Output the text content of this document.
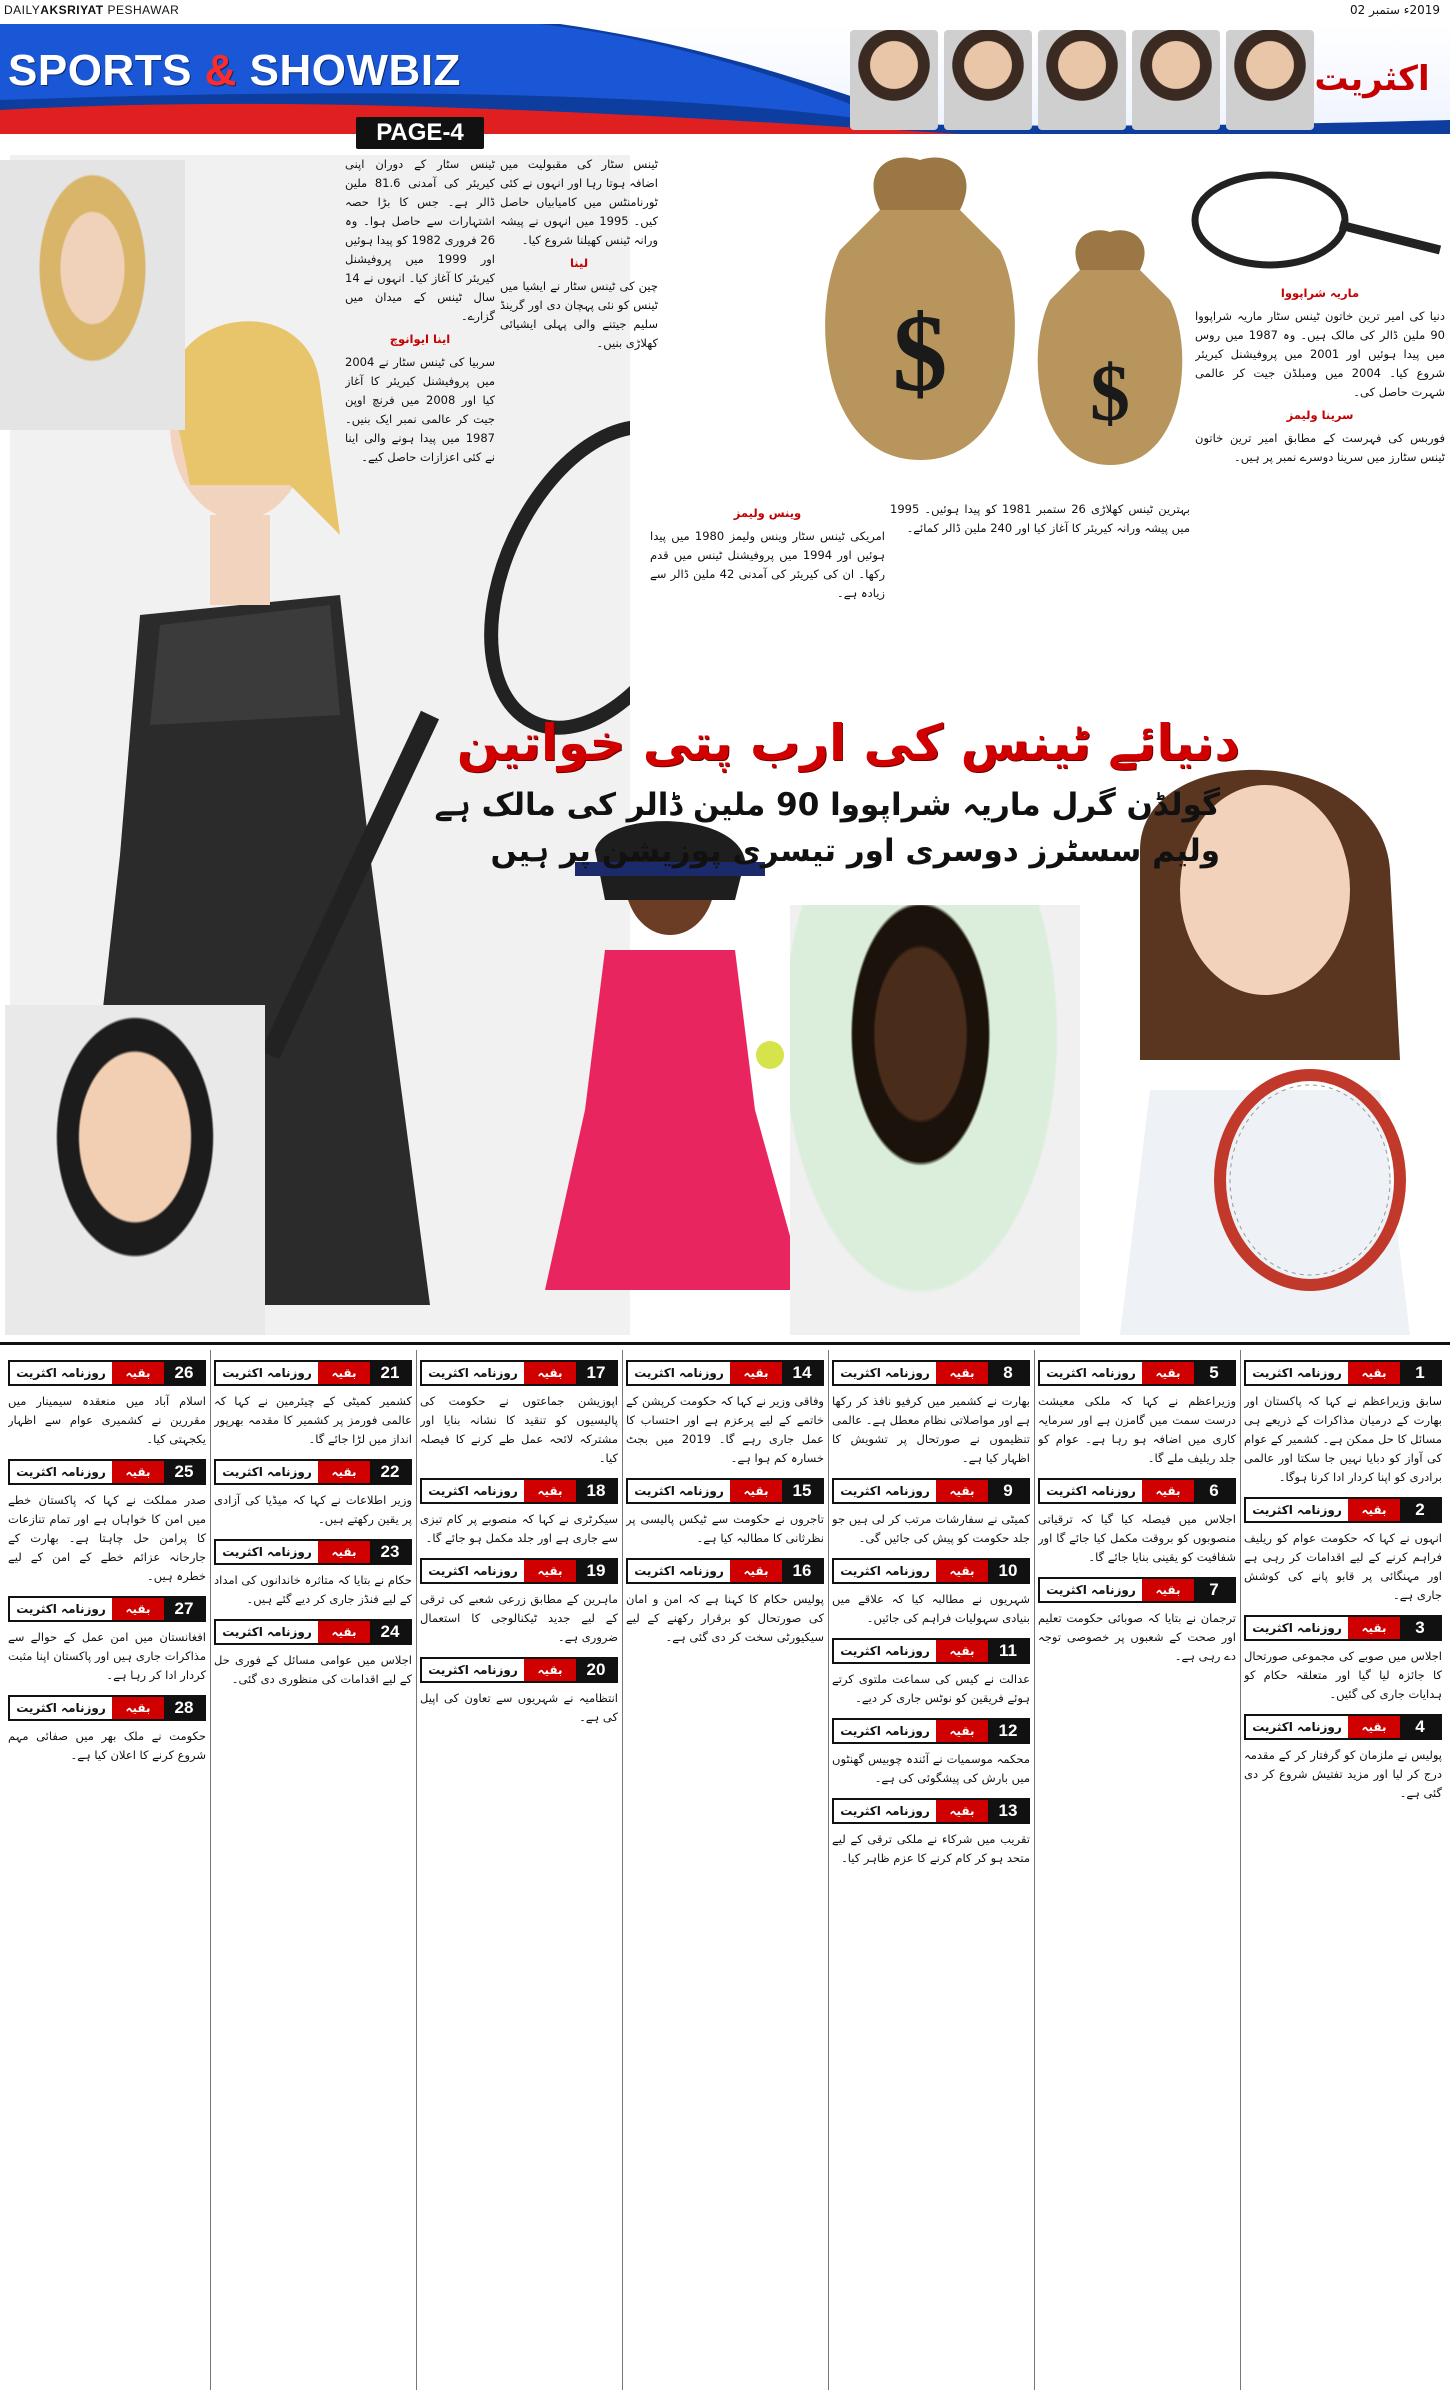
DAILYAKSRIYAT PESHAWAR	2019ء ستمبر 02
SPORTS & SHOWBIZ	اکثریت
PAGE-4
$ $
ٹینس سٹار کے دوران اپنی کیریئر کی آمدنی 81.6 ملین ڈالر ہے۔ جس کا بڑا حصہ اشتہارات سے حاصل ہوا۔ وہ 26 فروری 1982 کو پیدا ہوئیں اور 1999 میں پروفیشنل کیریئر کا آغاز کیا۔ انہوں نے 14 سال ٹینس کے میدان میں گزارے۔
اینا ایوانوچ
سربیا کی ٹینس سٹار نے 2004 میں پروفیشنل کیریئر کا آغاز کیا اور 2008 میں فرنچ اوپن جیت کر عالمی نمبر ایک بنیں۔ 1987 میں پیدا ہونے والی اینا نے کئی اعزازات حاصل کیے۔
ٹینس سٹار کی مقبولیت میں اضافہ ہوتا رہا اور انہوں نے کئی ٹورنامنٹس میں کامیابیاں حاصل کیں۔ 1995 میں انہوں نے پیشہ ورانہ ٹینس کھیلنا شروع کیا۔
لینا
چین کی ٹینس سٹار نے ایشیا میں ٹینس کو نئی پہچان دی اور گرینڈ سلیم جیتنے والی پہلی ایشیائی کھلاڑی بنیں۔
وینس ولیمز
امریکی ٹینس سٹار وینس ولیمز 1980 میں پیدا ہوئیں اور 1994 میں پروفیشنل ٹینس میں قدم رکھا۔ ان کی کیریئر کی آمدنی 42 ملین ڈالر سے زیادہ ہے۔
بہترین ٹینس کھلاڑی 26 ستمبر 1981 کو پیدا ہوئیں۔ 1995 میں پیشہ ورانہ کیریئر کا آغاز کیا اور 240 ملین ڈالر کمائے۔
ماریہ شراپووا
دنیا کی امیر ترین خاتون ٹینس سٹار ماریہ شراپووا 90 ملین ڈالر کی مالک ہیں۔ وہ 1987 میں روس میں پیدا ہوئیں اور 2001 میں پروفیشنل کیریئر شروع کیا۔ 2004 میں ومبلڈن جیت کر عالمی شہرت حاصل کی۔
سرینا ولیمز
فوربس کی فہرست کے مطابق امیر ترین خاتون ٹینس سٹارز میں سرینا دوسرے نمبر پر ہیں۔
دنیائے ٹینس کی ارب پتی خواتین
گولڈن گرل ماریہ شراپووا 90 ملین ڈالر کی مالک ہے
ولیم سسٹرز دوسری اور تیسری پوزیشن پر ہیں
روزنامہ اکثریت	بقیہ	1

سابق وزیراعظم نے کہا کہ پاکستان اور بھارت کے درمیان مذاکرات کے ذریعے ہی مسائل کا حل ممکن ہے۔ کشمیر کے عوام کی آواز کو دبایا نہیں جا سکتا اور عالمی برادری کو اپنا کردار ادا کرنا ہوگا۔

روزنامہ اکثریت	بقیہ	2

انہوں نے کہا کہ حکومت عوام کو ریلیف فراہم کرنے کے لیے اقدامات کر رہی ہے اور مہنگائی پر قابو پانے کی کوشش جاری ہے۔

روزنامہ اکثریت	بقیہ	3

اجلاس میں صوبے کی مجموعی صورتحال کا جائزہ لیا گیا اور متعلقہ حکام کو ہدایات جاری کی گئیں۔

روزنامہ اکثریت	بقیہ	4

پولیس نے ملزمان کو گرفتار کر کے مقدمہ درج کر لیا اور مزید تفتیش شروع کر دی گئی ہے۔

روزنامہ اکثریت	بقیہ	5

وزیراعظم نے کہا کہ ملکی معیشت درست سمت میں گامزن ہے اور سرمایہ کاری میں اضافہ ہو رہا ہے۔ عوام کو جلد ریلیف ملے گا۔

روزنامہ اکثریت	بقیہ	6

اجلاس میں فیصلہ کیا گیا کہ ترقیاتی منصوبوں کو بروقت مکمل کیا جائے گا اور شفافیت کو یقینی بنایا جائے گا۔

روزنامہ اکثریت	بقیہ	7

ترجمان نے بتایا کہ صوبائی حکومت تعلیم اور صحت کے شعبوں پر خصوصی توجہ دے رہی ہے۔

روزنامہ اکثریت	بقیہ	8

بھارت نے کشمیر میں کرفیو نافذ کر رکھا ہے اور مواصلاتی نظام معطل ہے۔ عالمی تنظیموں نے صورتحال پر تشویش کا اظہار کیا ہے۔

روزنامہ اکثریت	بقیہ	9

کمیٹی نے سفارشات مرتب کر لی ہیں جو جلد حکومت کو پیش کی جائیں گی۔

روزنامہ اکثریت	بقیہ	10

شہریوں نے مطالبہ کیا کہ علاقے میں بنیادی سہولیات فراہم کی جائیں۔

روزنامہ اکثریت	بقیہ	11

عدالت نے کیس کی سماعت ملتوی کرتے ہوئے فریقین کو نوٹس جاری کر دیے۔

روزنامہ اکثریت	بقیہ	12

محکمہ موسمیات نے آئندہ چوبیس گھنٹوں میں بارش کی پیشگوئی کی ہے۔

روزنامہ اکثریت	بقیہ	13

تقریب میں شرکاء نے ملکی ترقی کے لیے متحد ہو کر کام کرنے کا عزم ظاہر کیا۔

روزنامہ اکثریت	بقیہ	14

وفاقی وزیر نے کہا کہ حکومت کرپشن کے خاتمے کے لیے پرعزم ہے اور احتساب کا عمل جاری رہے گا۔ 2019 میں بجٹ خسارہ کم ہوا ہے۔

روزنامہ اکثریت	بقیہ	15

تاجروں نے حکومت سے ٹیکس پالیسی پر نظرثانی کا مطالبہ کیا ہے۔

روزنامہ اکثریت	بقیہ	16

پولیس حکام کا کہنا ہے کہ امن و امان کی صورتحال کو برقرار رکھنے کے لیے سیکیورٹی سخت کر دی گئی ہے۔

روزنامہ اکثریت	بقیہ	17

اپوزیشن جماعتوں نے حکومت کی پالیسیوں کو تنقید کا نشانہ بنایا اور مشترکہ لائحہ عمل طے کرنے کا فیصلہ کیا۔

روزنامہ اکثریت	بقیہ	18

سیکرٹری نے کہا کہ منصوبے پر کام تیزی سے جاری ہے اور جلد مکمل ہو جائے گا۔

روزنامہ اکثریت	بقیہ	19

ماہرین کے مطابق زرعی شعبے کی ترقی کے لیے جدید ٹیکنالوجی کا استعمال ضروری ہے۔

روزنامہ اکثریت	بقیہ	20

انتظامیہ نے شہریوں سے تعاون کی اپیل کی ہے۔

روزنامہ اکثریت	بقیہ	21

کشمیر کمیٹی کے چیئرمین نے کہا کہ عالمی فورمز پر کشمیر کا مقدمہ بھرپور انداز میں لڑا جائے گا۔

روزنامہ اکثریت	بقیہ	22

وزیر اطلاعات نے کہا کہ میڈیا کی آزادی پر یقین رکھتے ہیں۔

روزنامہ اکثریت	بقیہ	23

حکام نے بتایا کہ متاثرہ خاندانوں کی امداد کے لیے فنڈز جاری کر دیے گئے ہیں۔

روزنامہ اکثریت	بقیہ	24

اجلاس میں عوامی مسائل کے فوری حل کے لیے اقدامات کی منظوری دی گئی۔

روزنامہ اکثریت	بقیہ	26

اسلام آباد میں منعقدہ سیمینار میں مقررین نے کشمیری عوام سے اظہار یکجہتی کیا۔

روزنامہ اکثریت	بقیہ	25

صدر مملکت نے کہا کہ پاکستان خطے میں امن کا خواہاں ہے اور تمام تنازعات کا پرامن حل چاہتا ہے۔ بھارت کے جارحانہ عزائم خطے کے امن کے لیے خطرہ ہیں۔

روزنامہ اکثریت	بقیہ	27

افغانستان میں امن عمل کے حوالے سے مذاکرات جاری ہیں اور پاکستان اپنا مثبت کردار ادا کر رہا ہے۔

روزنامہ اکثریت	بقیہ	28

حکومت نے ملک بھر میں صفائی مہم شروع کرنے کا اعلان کیا ہے۔
